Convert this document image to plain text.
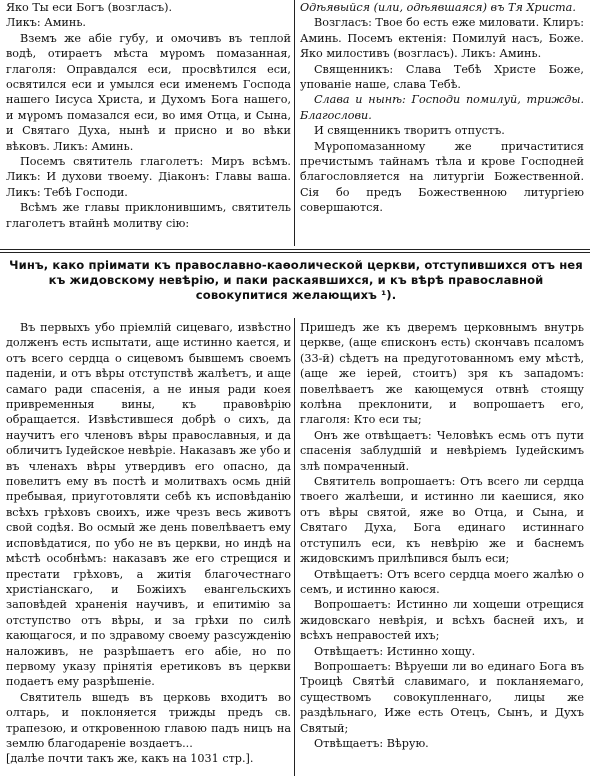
Яко Ты еси Богъ (возгласъ).

Ликъ: Аминь.

Вземъ же абіе губу, и омочивъ въ теплой водѣ, отираетъ мѣста мγромъ помазанная, глаголя: Оправдался еси, просвѣтился еси, освятился еси и умылся еси именемъ Господа нашего Іисуса Христа, и Духомъ Бога нашего, и мγромъ помазался еси, во имя Отца, и Сына, и Святаго Духа, нынѣ и присно и во вѣки вѣковъ. Ликъ: Аминь.

Посемъ святитель глаголетъ: Миръ всѣмъ. Ликъ: И духови твоему. Діаконъ: Главы ваша. Ликъ: Тебѣ Господи.

Всѣмъ же главы приклонившимъ, святитель глаголетъ втайнѣ молитву сію:

Одѣявыйся (или, одѣявшаяся) въ Тя Христа.

Возгласъ: Твое бо есть еже миловати. Клиръ: Аминь. Посемъ ектенія: Помилуй насъ, Боже. Яко милостивъ (возгласъ). Ликъ: Аминь.

Священникъ: Слава Тебѣ Христе Боже, упованіе наше, слава Тебѣ.

Слава и нынѣ: Господи помилуй, трижды. Благослови.

И священникъ творитъ отпустъ.

Мγропомазанному же причаститися пречистымъ тайнамъ тѣла и крове Господней благословляется на литургіи Божественной. Сія бо предъ Божественною литургіею совершаются.

Чинъ, како пріимати къ православно-каѳолической церкви, отступившихся отъ нея къ жидовскому невѣрію, и паки раскаявшихся, и къ вѣрѣ православной совокупитися желающихъ ¹).

Въ первыхъ убо пріемлій сицеваго, извѣстно долженъ есть испытати, аще истинно кается, и отъ всего сердца о сицевомъ бывшемъ своемъ паденіи, и отъ вѣры отступствѣ жалѣетъ, и аще самаго ради спасенія, а не иныя ради коея привременныя вины, къ правовѣрію обращается. Извѣстившеся добрѣ о сихъ, да научитъ его членовъ вѣры православныя, и да обличитъ Іудейское невѣріе. Наказавъ же убо и въ членахъ вѣры утвердивъ его опасно, да повелитъ ему въ постѣ и молитвахъ осмь дній пребывая, приуготовляти себѣ къ исповѣданію всѣхъ грѣховъ своихъ, иже чрезъ весь животъ свой содѣя. Во осмый же день повелѣваетъ ему исповѣдатися, по убо не въ церкви, но индѣ на мѣстѣ особнѣмъ: наказавъ же его стрещися и престати грѣховъ, а житія благочестнаго христіанскаго, и Божіихъ евангельскихъ заповѣдей храненія научивъ, и епитимію за отступство отъ вѣры, и за грѣхи по силѣ кающагося, и по здравому своему разсужденію наложивъ, не разрѣшаетъ его абіе, но по первому указу прінятія еретиковъ въ церкви подаетъ ему разрѣшеніе.

Святитель вшедъ въ церковь входитъ во олтарь, и поклоняется трижды предъ св. трапезою, и откровенною главою падъ ницъ на землю благодареніе воздаетъ...

[далѣе почти такъ же, какъ на 1031 стр.].

Пришедъ же къ дверемъ церковнымъ внутрь церкве, (аще єписконъ есть) скончавъ псаломъ (33-й) сѣдетъ на предуготованномъ ему мѣстѣ, (аще же іерей, стоитъ) зря къ западомъ: повелѣваетъ же кающемуся отвнѣ стоящу колѣна преклонити, и вопрошаетъ его, глаголя: Кто еси ты;

Онъ же отвѣщаетъ: Человѣкъ есмь отъ пути спасенія заблудшій и невѣріемъ Іудейскимъ злѣ помраченный.

Святитель вопрошаетъ: Отъ всего ли сердца твоего жалѣеши, и истинно ли каешися, яко отъ вѣры святой, яже во Отца, и Сына, и Святаго Духа, Бога единаго истиннаго отступилъ еси, къ невѣрію же и баснемъ жидовскимъ прилѣпився былъ еси;

Отвѣщаетъ: Отъ всего сердца моего жалѣю о семъ, и истинно каюся.

Вопрошаетъ: Истинно ли хощеши отрещися жидовскаго невѣрія, и всѣхъ басней ихъ, и всѣхъ неправостей ихъ;

Отвѣщаетъ: Истинно хощу.

Вопрошаетъ: Вѣруеши ли во единаго Бога въ Троицѣ Святѣй славимаго, и покланяемаго, существомъ совокупленнаго, лицы же раздѣльнаго, Иже есть Отецъ, Сынъ, и Духъ Святый;

Отвѣщаетъ: Вѣрую.
